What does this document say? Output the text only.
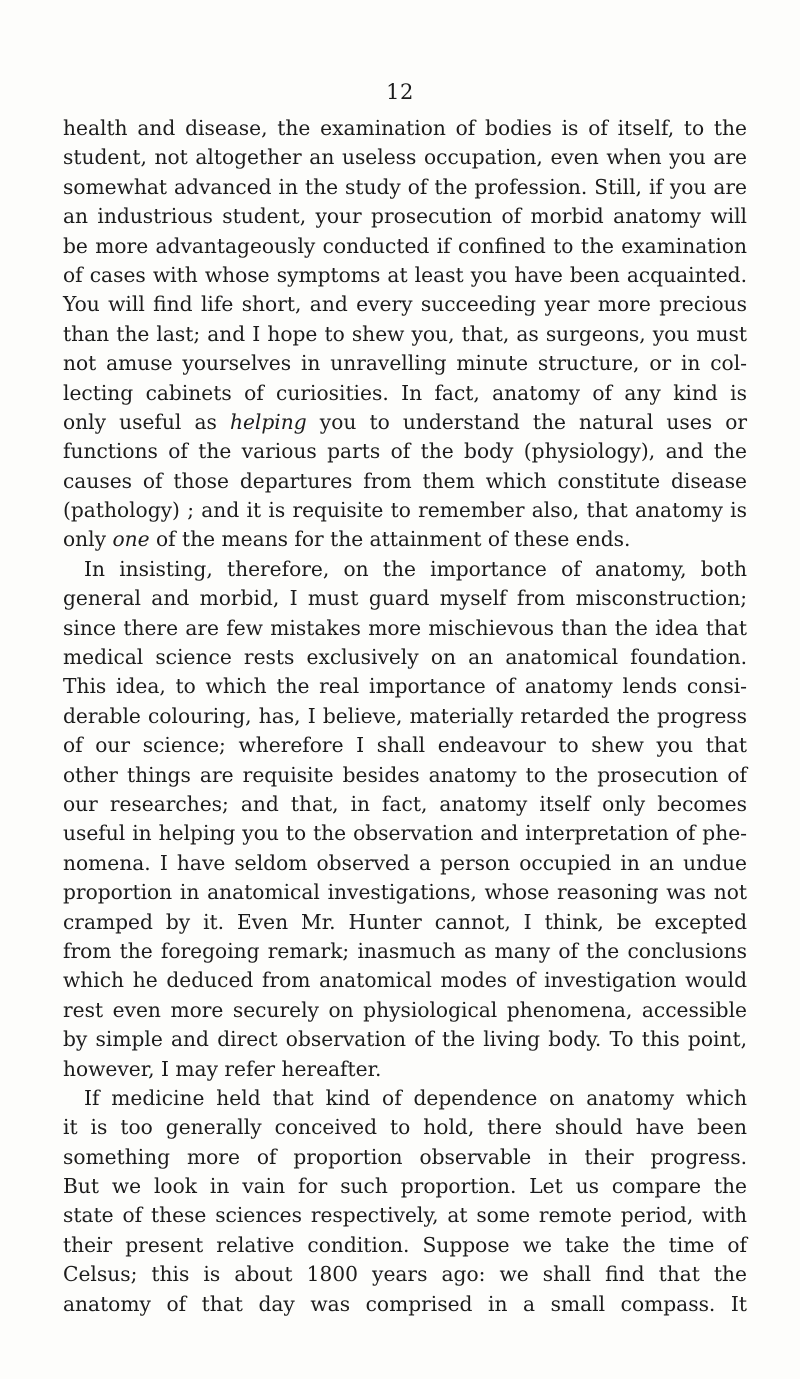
12
health and disease, the examination of bodies is of itself, to the
student, not altogether an useless occupation, even when you are
somewhat advanced in the study of the profession. Still, if you are
an industrious student, your prosecution of morbid anatomy will
be more advantageously conducted if confined to the examination
of cases with whose symptoms at least you have been acquainted.
You will find life short, and every succeeding year more precious
than the last; and I hope to shew you, that, as surgeons, you must
not amuse yourselves in unravelling minute structure, or in col-
lecting cabinets of curiosities. In fact, anatomy of any kind is
only useful as helping you to understand the natural uses or
functions of the various parts of the body (physiology), and the
causes of those departures from them which constitute disease
(pathology) ; and it is requisite to remember also, that anatomy is
only one of the means for the attainment of these ends.
In insisting, therefore, on the importance of anatomy, both
general and morbid, I must guard myself from misconstruction;
since there are few mistakes more mischievous than the idea that
medical science rests exclusively on an anatomical foundation.
This idea, to which the real importance of anatomy lends consi-
derable colouring, has, I believe, materially retarded the progress
of our science; wherefore I shall endeavour to shew you that
other things are requisite besides anatomy to the prosecution of
our researches; and that, in fact, anatomy itself only becomes
useful in helping you to the observation and interpretation of phe-
nomena. I have seldom observed a person occupied in an undue
proportion in anatomical investigations, whose reasoning was not
cramped by it. Even Mr. Hunter cannot, I think, be excepted
from the foregoing remark; inasmuch as many of the conclusions
which he deduced from anatomical modes of investigation would
rest even more securely on physiological phenomena, accessible
by simple and direct observation of the living body. To this point,
however, I may refer hereafter.
If medicine held that kind of dependence on anatomy which
it is too generally conceived to hold, there should have been
something more of proportion observable in their progress.
But we look in vain for such proportion. Let us compare the
state of these sciences respectively, at some remote period, with
their present relative condition. Suppose we take the time of
Celsus; this is about 1800 years ago: we shall find that the
anatomy of that day was comprised in a small compass. It
